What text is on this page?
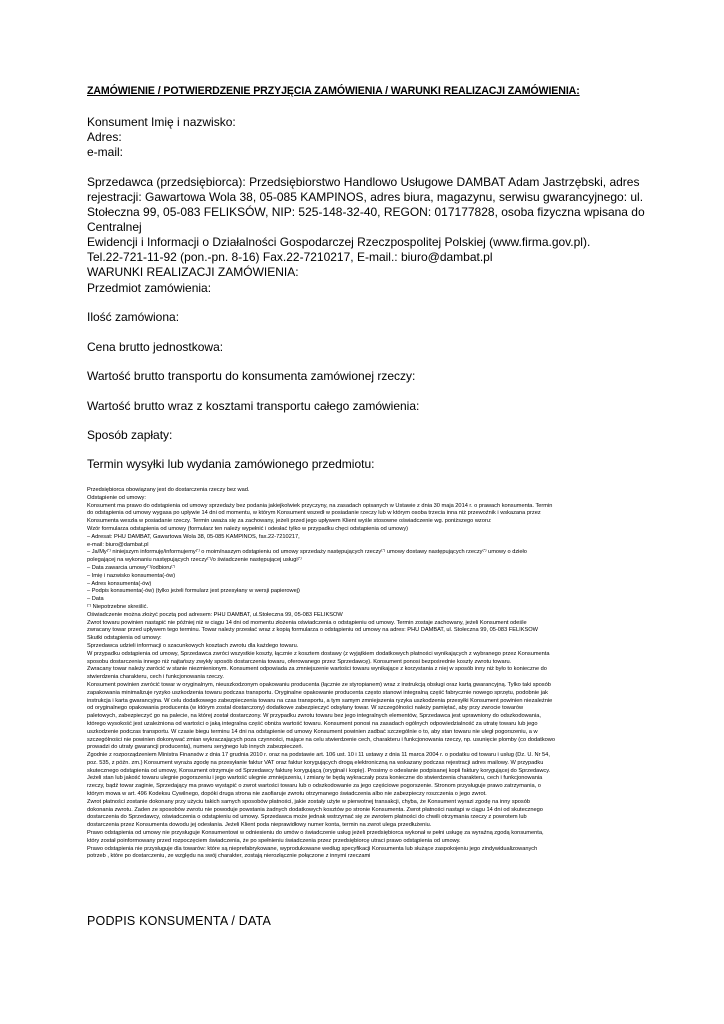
ZAMÓWIENIE / POTWIERDZENIE PRZYJĘCIA ZAMÓWIENIA / WARUNKI REALIZACJI ZAMÓWIENIA:
Konsument Imię i nazwisko:
Adres:
e-mail:

Sprzedawca (przedsiębiorca): Przedsiębiorstwo Handlowo Usługowe DAMBAT Adam Jastrzębski, adres

rejestracji: Gawartowa Wola 38, 05-085 KAMPINOS, adres biura, magazynu, serwisu gwarancyjnego: ul.

Stołeczna 99, 05-083 FELIKSÓW, NIP: 525-148-32-40, REGON: 017177828, osoba fizyczna wpisana do Centralnej

Ewidencji i Informacji o Działalności Gospodarczej Rzeczpospolitej Polskiej (www.firma.gov.pl).

Tel.22-721-11-92 (pon.-pn. 8-16) Fax.22-7210217, E-mail.: biuro@dambat.pl

WARUNKI REALIZACJI ZAMÓWIENIA:

Przedmiot zamówienia:
Ilość zamówiona:
Cena brutto jednostkowa:
Wartość brutto transportu do konsumenta zamówionej rzeczy:
Wartość brutto wraz z kosztami transportu całego zamówienia:
Sposób zapłaty:
Termin wysyłki lub wydania zamówionego przedmiotu:

Przedsiębiorca obowiązany jest do dostarczenia rzeczy bez wad.

Odstąpienie od umowy:

Konsument ma prawo do odstąpienia od umowy sprzedaży bez podania jakiejkolwiek przyczyny, na zasadach opisanych w Ustawie z dnia 30 maja 2014 r. o prawach konsumenta. Termin

do odstąpienia od umowy wygasa po upływie 14 dni od momentu, w którym Konsument wszedł w posiadanie rzeczy lub w którym osoba trzecia inna niż przewoźnik i wskazana przez

Konsumenta weszła w posiadanie rzeczy. Termin uważa się za zachowany, jeżeli przed jego upływem Klient wyśle stosowne oświadczenie wg. poniższego wzoru:

Wzór formularza odstąpienia od umowy (formularz ten należy wypełnić i odesłać tylko w przypadku chęci odstąpienia od umowy)

– Adresat: PHU DAMBAT, Gawartowa Wola 38, 05-085 KAMPINOS, fax.22-7210217,

e-mail: biuro@dambat.pl

– Ja/My(*) niniejszym informuję/informujemy(*) o moim/naszym odstąpieniu od umowy sprzedaży następujących rzeczy(*) umowy dostawy następujących rzeczy(*) umowy o dzieło

polegającej na wykonaniu następujących rzeczy(*)/o świadczenie następującej usługi(*)

– Data zawarcia umowy(*)/odbioru(*)

– Imię i nazwisko konsumenta(-ów)

– Adres konsumenta(-ów)

– Podpis konsumenta(-ów) (tylko jeżeli formularz jest przesyłany w wersji papierowej)

– Data

(*) Niepotrzebne skreślić.

Oświadczenie można złożyć pocztą pod adresem: PHU DAMBAT, ul.Stołeczna 99, 05-083 FELIKSÓW

Zwrot towaru powinien nastąpić nie później niż w ciągu 14 dni od momentu złożenia oświadczenia o odstąpieniu od umowy. Termin zostaje zachowany, jeżeli Konsument odeśle

zwracany towar przed upływem tego terminu. Towar należy przesłać wraz z kopią formularza o odstąpieniu od umowy na adres: PHU DAMBAT, ul. Stołeczna 99, 05-083 FELIKSÓW

Skutki odstąpienia od umowy:

Sprzedawca udzieli informacji o szacunkowych kosztach zwrotu dla każdego towaru.

W przypadku odstąpienia od umowy, Sprzedawca zwróci wszystkie koszty, łącznie z kosztem dostawy (z wyjątkiem dodatkowych płatności wynikających z wybranego przez Konsumenta

sposobu dostarczenia innego niż najtańszy zwykły sposób dostarczenia towaru, oferowanego przez Sprzedawcę). Konsument ponosi bezpośrednie koszty zwrotu towaru.

Zwracany towar należy zwrócić w stanie niezmienionym. Konsument odpowiada za zmniejszenie wartości towaru wynikające z korzystania z niej w sposób inny niż było to konieczne do

stwierdzenia charakteru, cech i funkcjonowania rzeczy.

Konsument powinien zwrócić towar w oryginalnym, nieuszkodzonym opakowaniu producenta (łącznie ze styropianem) wraz z instrukcją obsługi oraz kartą gwarancyjną. Tylko taki sposób

zapakowania minimalizuje ryzyko uszkodzenia towaru podczas transportu. Oryginalne opakowanie producenta często stanowi integralną część fabrycznie nowego sprzętu, podobnie jak

instrukcja i karta gwarancyjna. W celu dodatkowego zabezpieczenia towaru na czas transportu, a tym samym zmniejszenia ryzyka uszkodzenia przesyłki Konsument powinien niezależnie

od oryginalnego opakowania producenta (w którym został dostarczony) dodatkowe zabezpieczyć odsyłany towar. W szczególności należy pamiętać, aby przy zwrocie towarów

paletowych, zabezpieczyć go na palecie, na której został dostarczony. W przypadku zwrotu towaru bez jego integralnych elementów, Sprzedawca jest uprawniony do odszkodowania,

którego wysokość jest uzależniona od wartości o jaką integralna część obniża wartość towaru. Konsument ponosi na zasadach ogólnych odpowiedzialność za utratę towaru lub jego

uszkodzenie podczas transportu. W czasie biegu terminu 14 dni na odstąpienie od umowy Konsument powinien zadbać szczególnie o to, aby stan towaru nie uległ pogorszeniu, a w

szczególności nie powinien dokonywać zmian wykraczających poza czynności, mające na celu stwierdzenie cech, charakteru i funkcjonowania rzeczy, np. usunięcie plomby (co dodatkowo

prowadzi do utraty gwarancji producenta), numeru seryjnego lub innych zabezpieczeń.

Zgodnie z rozporządzeniem Ministra Finansów z dnia 17 grudnia 2010 r. oraz na podstawie art. 106 ust. 10 i 11 ustawy z dnia 11 marca 2004 r. o podatku od towaru i usług (Dz. U. Nr 54,

poz. 535, z późn. zm.) Konsument wyraża zgodę na przesyłanie faktur VAT oraz faktur korygujących drogą elektroniczną na wskazany podczas rejestracji adres mailowy. W przypadku

skutecznego odstąpienia od umowy, Konsument otrzymuje od Sprzedawcy fakturę korygującą (oryginał i kopię). Prosimy o odesłanie podpisanej kopii faktury korygującej do Sprzedawcy.

Jeżeli stan lub jakość towaru ulegnie pogorszeniu i jego wartość ulegnie zmniejszeniu, i zmiany te będą wykraczały poza konieczne do stwierdzenia charakteru, cech i funkcjonowania

rzeczy, bądź towar zaginie, Sprzedający ma prawo wystąpić o zwrot wartości towaru lub o odszkodowanie za jego częściowe pogorszenie. Stronom przysługuje prawo zatrzymania, o

którym mowa w art. 496 Kodeksu Cywilnego, dopóki druga strona nie zaofiaruje zwrotu otrzymanego świadczenia albo nie zabezpieczy roszczenia o jego zwrot.

Zwrot płatności zostanie dokonany przy użyciu takich samych sposobów płatności, jakie zostały użyte w pierwotnej transakcji, chyba, że Konsument wyrazi zgodę na inny sposób

dokonania zwrotu. Żaden ze sposobów zwrotu nie powoduje powstania żadnych dodatkowych kosztów po stronie Konsumenta. Zwrot płatności nastąpi w ciągu 14 dni od skutecznego

dostarczenia do Sprzedawcy, oświadczenia o odstąpieniu od umowy. Sprzedawca może jednak wstrzymać się ze zwrotem płatności do chwili otrzymania rzeczy z powrotem lub

dostarczenia przez Konsumenta dowodu jej odesłania. Jeżeli Klient poda nieprawidłowy numer konta, termin na zwrot ulega przedłużeniu.

Prawo odstąpienia od umowy nie przysługuje Konsumentowi w odniesieniu do umów o świadczenie usług jeżeli przedsiębiorca wykonał w pełni usługę za wyraźną zgodą konsumenta,

który został poinformowany przed rozpoczęciem świadczenia, że po spełnieniu świadczenia przez przedsiębiorcę utraci prawo odstąpienia od umowy.

Prawo odstąpienia nie przysługuje dla towarów: które są nieprefabrykowane, wyprodukowane według specyfikacji Konsumenta lub służące zaspokojeniu jego zindywidualizowanych

potrzeb , które po dostarczeniu, ze względu na swój charakter, zostają nierozłącznie połączone z innymi rzeczami

PODPIS KONSUMENTA / DATA
